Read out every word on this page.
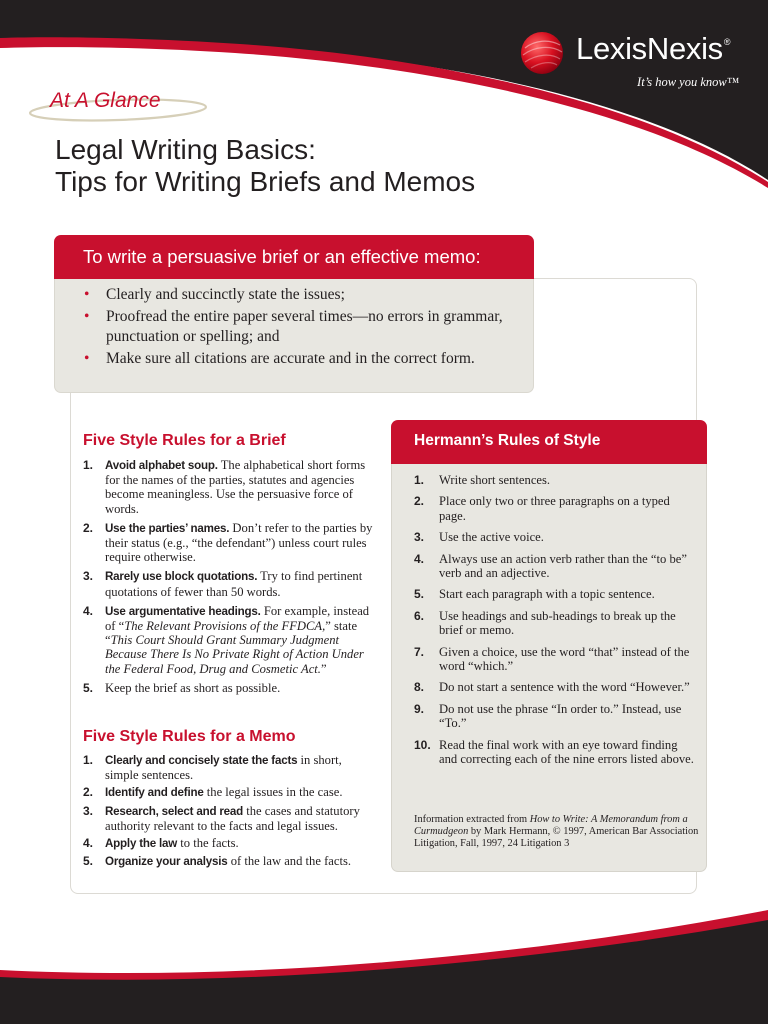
LexisNexis®
It’s how you know™
At A Glance
Legal Writing Basics:
Tips for Writing Briefs and Memos
To write a persuasive brief or an effective memo:
• Clearly and succinctly state the issues;
• Proofread the entire paper several times—no errors in grammar, punctuation or spelling; and
• Make sure all citations are accurate and in the correct form.
Five Style Rules for a Brief
1. Avoid alphabet soup. The alphabetical short forms for the names of the parties, statutes and agencies become meaningless. Use the persuasive force of words.
2. Use the parties’ names. Don’t refer to the parties by their status (e.g., “the defendant”) unless court rules require otherwise.
3. Rarely use block quotations. Try to find pertinent quotations of fewer than 50 words.
4. Use argumentative headings. For example, instead of “The Relevant Provisions of the FFDCA,” state “This Court Should Grant Summary Judgment Because There Is No Private Right of Action Under the Federal Food, Drug and Cosmetic Act.”
5. Keep the brief as short as possible.
Five Style Rules for a Memo
1. Clearly and concisely state the facts in short, simple sentences.
2. Identify and define the legal issues in the case.
3. Research, select and read the cases and statutory authority relevant to the facts and legal issues.
4. Apply the law to the facts.
5. Organize your analysis of the law and the facts.
Hermann’s Rules of Style
1. Write short sentences.
2. Place only two or three paragraphs on a typed page.
3. Use the active voice.
4. Always use an action verb rather than the “to be” verb and an adjective.
5. Start each paragraph with a topic sentence.
6. Use headings and sub-headings to break up the brief or memo.
7. Given a choice, use the word “that” instead of the word “which.”
8. Do not start a sentence with the word “However.”
9. Do not use the phrase “In order to.” Instead, use “To.”
10. Read the final work with an eye toward finding and correcting each of the nine errors listed above.

Information extracted from How to Write: A Memorandum from a Curmudgeon by Mark Hermann, © 1997, American Bar Association Litigation, Fall, 1997, 24 Litigation 3
